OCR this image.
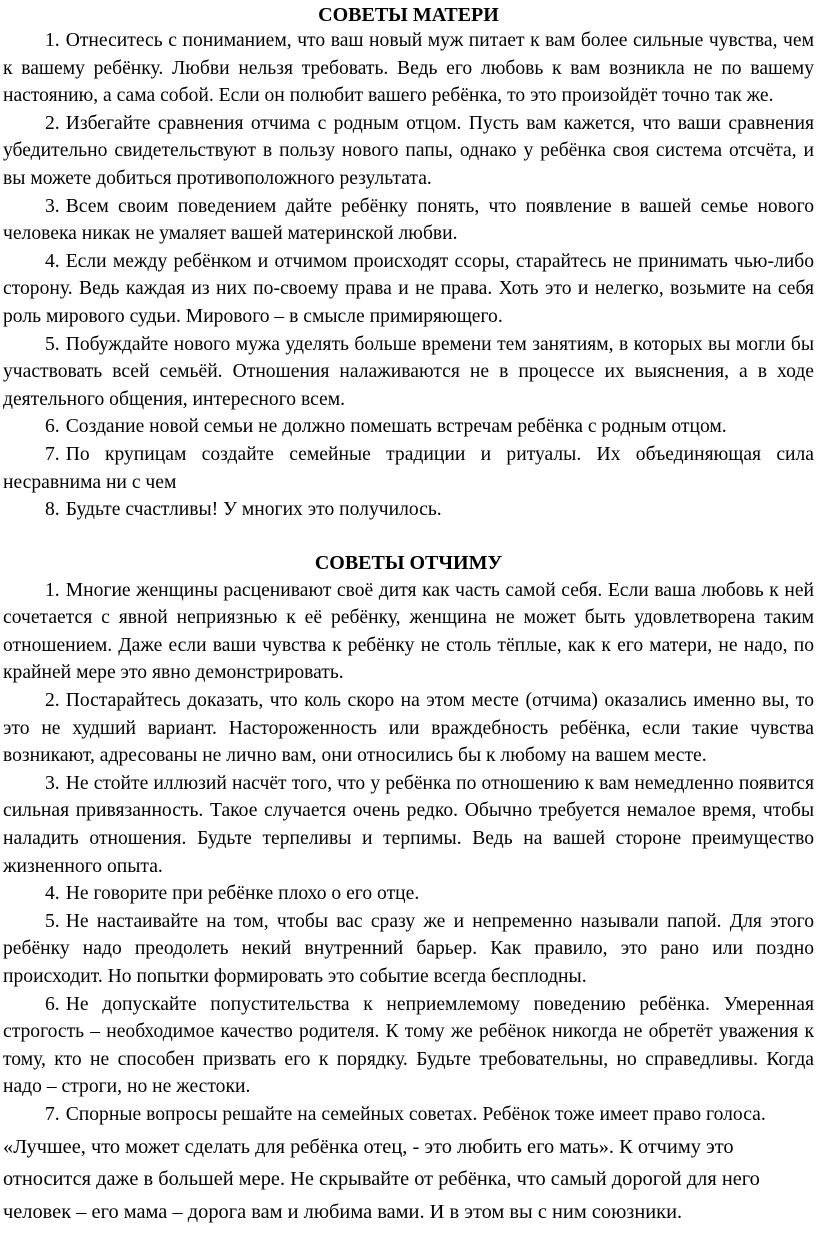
СОВЕТЫ МАТЕРИ

1. Отнеситесь с пониманием, что ваш новый муж питает к вам более сильные чувства, чем к вашему ребёнку. Любви нельзя требовать. Ведь его любовь к вам возникла не по вашему настоянию, а сама собой. Если он полюбит вашего ребёнка, то это произойдёт точно так же.

2. Избегайте сравнения отчима с родным отцом. Пусть вам кажется, что ваши сравнения убедительно свидетельствуют в пользу нового папы, однако у ребёнка своя система отсчёта, и вы можете добиться противоположного результата.

3. Всем своим поведением дайте ребёнку понять, что появление в вашей семье нового человека никак не умаляет вашей материнской любви.

4. Если между ребёнком и отчимом происходят ссоры, старайтесь не принимать чью-либо сторону. Ведь каждая из них по-своему права и не права. Хоть это и нелегко, возьмите на себя роль мирового судьи. Мирового – в смысле примиряющего.

5. Побуждайте нового мужа уделять больше времени тем занятиям, в которых вы могли бы участвовать всей семьёй. Отношения налаживаются не в процессе их выяснения, а в ходе деятельного общения, интересного всем.

6. Создание новой семьи не должно помешать встречам ребёнка с родным отцом.

7. По крупицам создайте семейные традиции и ритуалы. Их объединяющая сила несравнима ни с чем

8. Будьте счастливы! У многих это получилось.

СОВЕТЫ ОТЧИМУ

1. Многие женщины расценивают своё дитя как часть самой себя. Если ваша любовь к ней сочетается с явной неприязнью к её ребёнку, женщина не может быть удовлетворена таким отношением. Даже если ваши чувства к ребёнку не столь тёплые, как к его матери, не надо, по крайней мере это явно демонстрировать.

2. Постарайтесь доказать, что коль скоро на этом месте (отчима) оказались именно вы, то это не худший вариант. Настороженность или враждебность ребёнка, если такие чувства возникают, адресованы не лично вам, они относились бы к любому на вашем месте.

3. Не стойте иллюзий насчёт того, что у ребёнка по отношению к вам немедленно появится сильная привязанность. Такое случается очень редко. Обычно требуется немалое время, чтобы наладить отношения. Будьте терпеливы и терпимы. Ведь на вашей стороне преимущество жизненного опыта.

4. Не говорите при ребёнке плохо о его отце.

5. Не настаивайте на том, чтобы вас сразу же и непременно называли папой. Для этого ребёнку надо преодолеть некий внутренний барьер. Как правило, это рано или поздно происходит. Но попытки формировать это событие всегда бесплодны.

6. Не допускайте попустительства к неприемлемому поведению ребёнка. Умеренная строгость – необходимое качество родителя. К тому же ребёнок никогда не обретёт уважения к тому, кто не способен призвать его к порядку. Будьте требовательны, но справедливы. Когда надо – строги, но не жестоки.

7. Спорные вопросы решайте на семейных советах. Ребёнок тоже имеет право голоса.

«Лучшее, что может сделать для ребёнка отец, - это любить его мать». К отчиму это относится даже в большей мере. Не скрывайте от ребёнка, что самый дорогой для него человек – его мама – дорога вам и любима вами. И в этом вы с ним союзники.
